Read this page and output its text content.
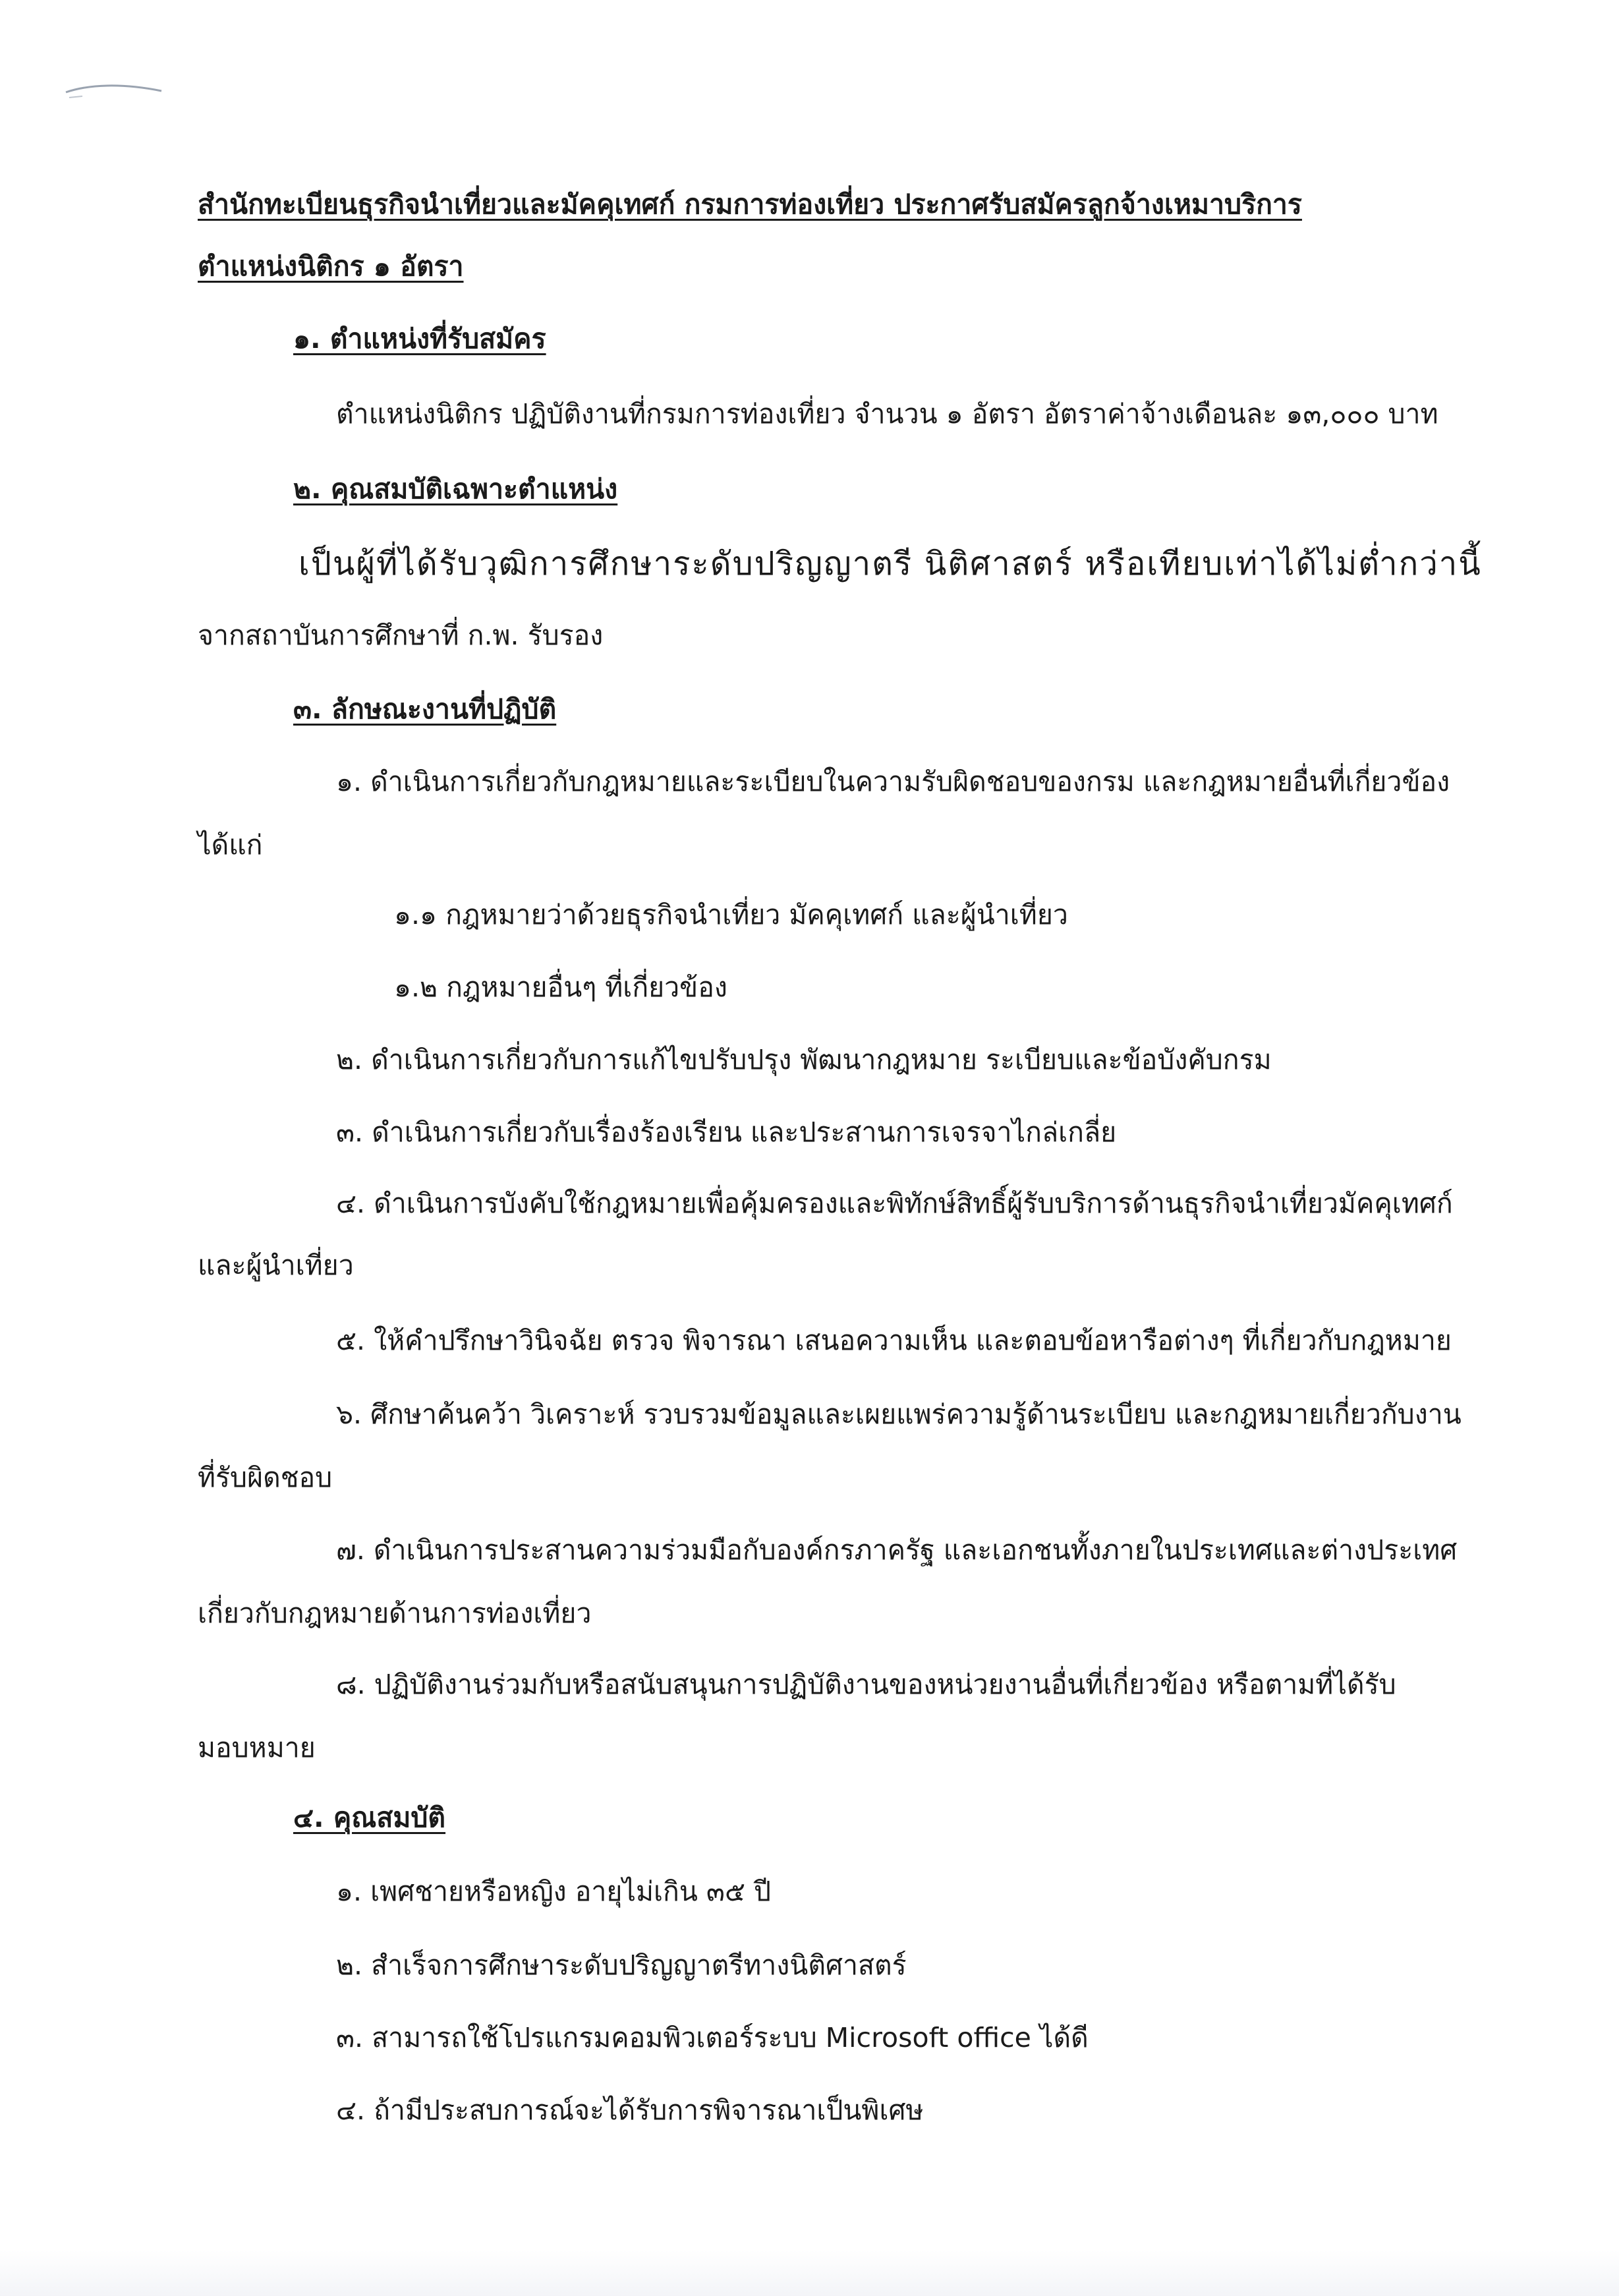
สำนักทะเบียนธุรกิจนำเที่ยวและมัคคุเทศก์ กรมการท่องเที่ยว ประกาศรับสมัครลูกจ้างเหมาบริการ
ตำแหน่งนิติกร ๑ อัตรา
๑. ตำแหน่งที่รับสมัคร
ตำแหน่งนิติกร ปฏิบัติงานที่กรมการท่องเที่ยว จำนวน ๑ อัตรา อัตราค่าจ้างเดือนละ ๑๓,๐๐๐ บาท
๒. คุณสมบัติเฉพาะตำแหน่ง
เป็นผู้ที่ได้รับวุฒิการศึกษาระดับปริญญาตรี นิติศาสตร์ หรือเทียบเท่าได้ไม่ต่ำกว่านี้
จากสถาบันการศึกษาที่ ก.พ. รับรอง
๓. ลักษณะงานที่ปฏิบัติ
๑. ดำเนินการเกี่ยวกับกฎหมายและระเบียบในความรับผิดชอบของกรม และกฎหมายอื่นที่เกี่ยวข้อง
ได้แก่
๑.๑ กฎหมายว่าด้วยธุรกิจนำเที่ยว มัคคุเทศก์ และผู้นำเที่ยว
๑.๒ กฎหมายอื่นๆ ที่เกี่ยวข้อง
๒. ดำเนินการเกี่ยวกับการแก้ไขปรับปรุง พัฒนากฎหมาย ระเบียบและข้อบังคับกรม
๓. ดำเนินการเกี่ยวกับเรื่องร้องเรียน และประสานการเจรจาไกล่เกลี่ย
๔. ดำเนินการบังคับใช้กฎหมายเพื่อคุ้มครองและพิทักษ์สิทธิ์ผู้รับบริการด้านธุรกิจนำเที่ยวมัคคุเทศก์
และผู้นำเที่ยว
๕. ให้คำปรึกษาวินิจฉัย ตรวจ พิจารณา เสนอความเห็น และตอบข้อหารือต่างๆ ที่เกี่ยวกับกฎหมาย
๖. ศึกษาค้นคว้า วิเคราะห์ รวบรวมข้อมูลและเผยแพร่ความรู้ด้านระเบียบ และกฎหมายเกี่ยวกับงาน
ที่รับผิดชอบ
๗. ดำเนินการประสานความร่วมมือกับองค์กรภาครัฐ และเอกชนทั้งภายในประเทศและต่างประเทศ
เกี่ยวกับกฎหมายด้านการท่องเที่ยว
๘. ปฏิบัติงานร่วมกับหรือสนับสนุนการปฏิบัติงานของหน่วยงานอื่นที่เกี่ยวข้อง หรือตามที่ได้รับ
มอบหมาย
๔. คุณสมบัติ
๑. เพศชายหรือหญิง อายุไม่เกิน ๓๕ ปี
๒. สำเร็จการศึกษาระดับปริญญาตรีทางนิติศาสตร์
๓. สามารถใช้โปรแกรมคอมพิวเตอร์ระบบ Microsoft office ได้ดี
๔. ถ้ามีประสบการณ์จะได้รับการพิจารณาเป็นพิเศษ
